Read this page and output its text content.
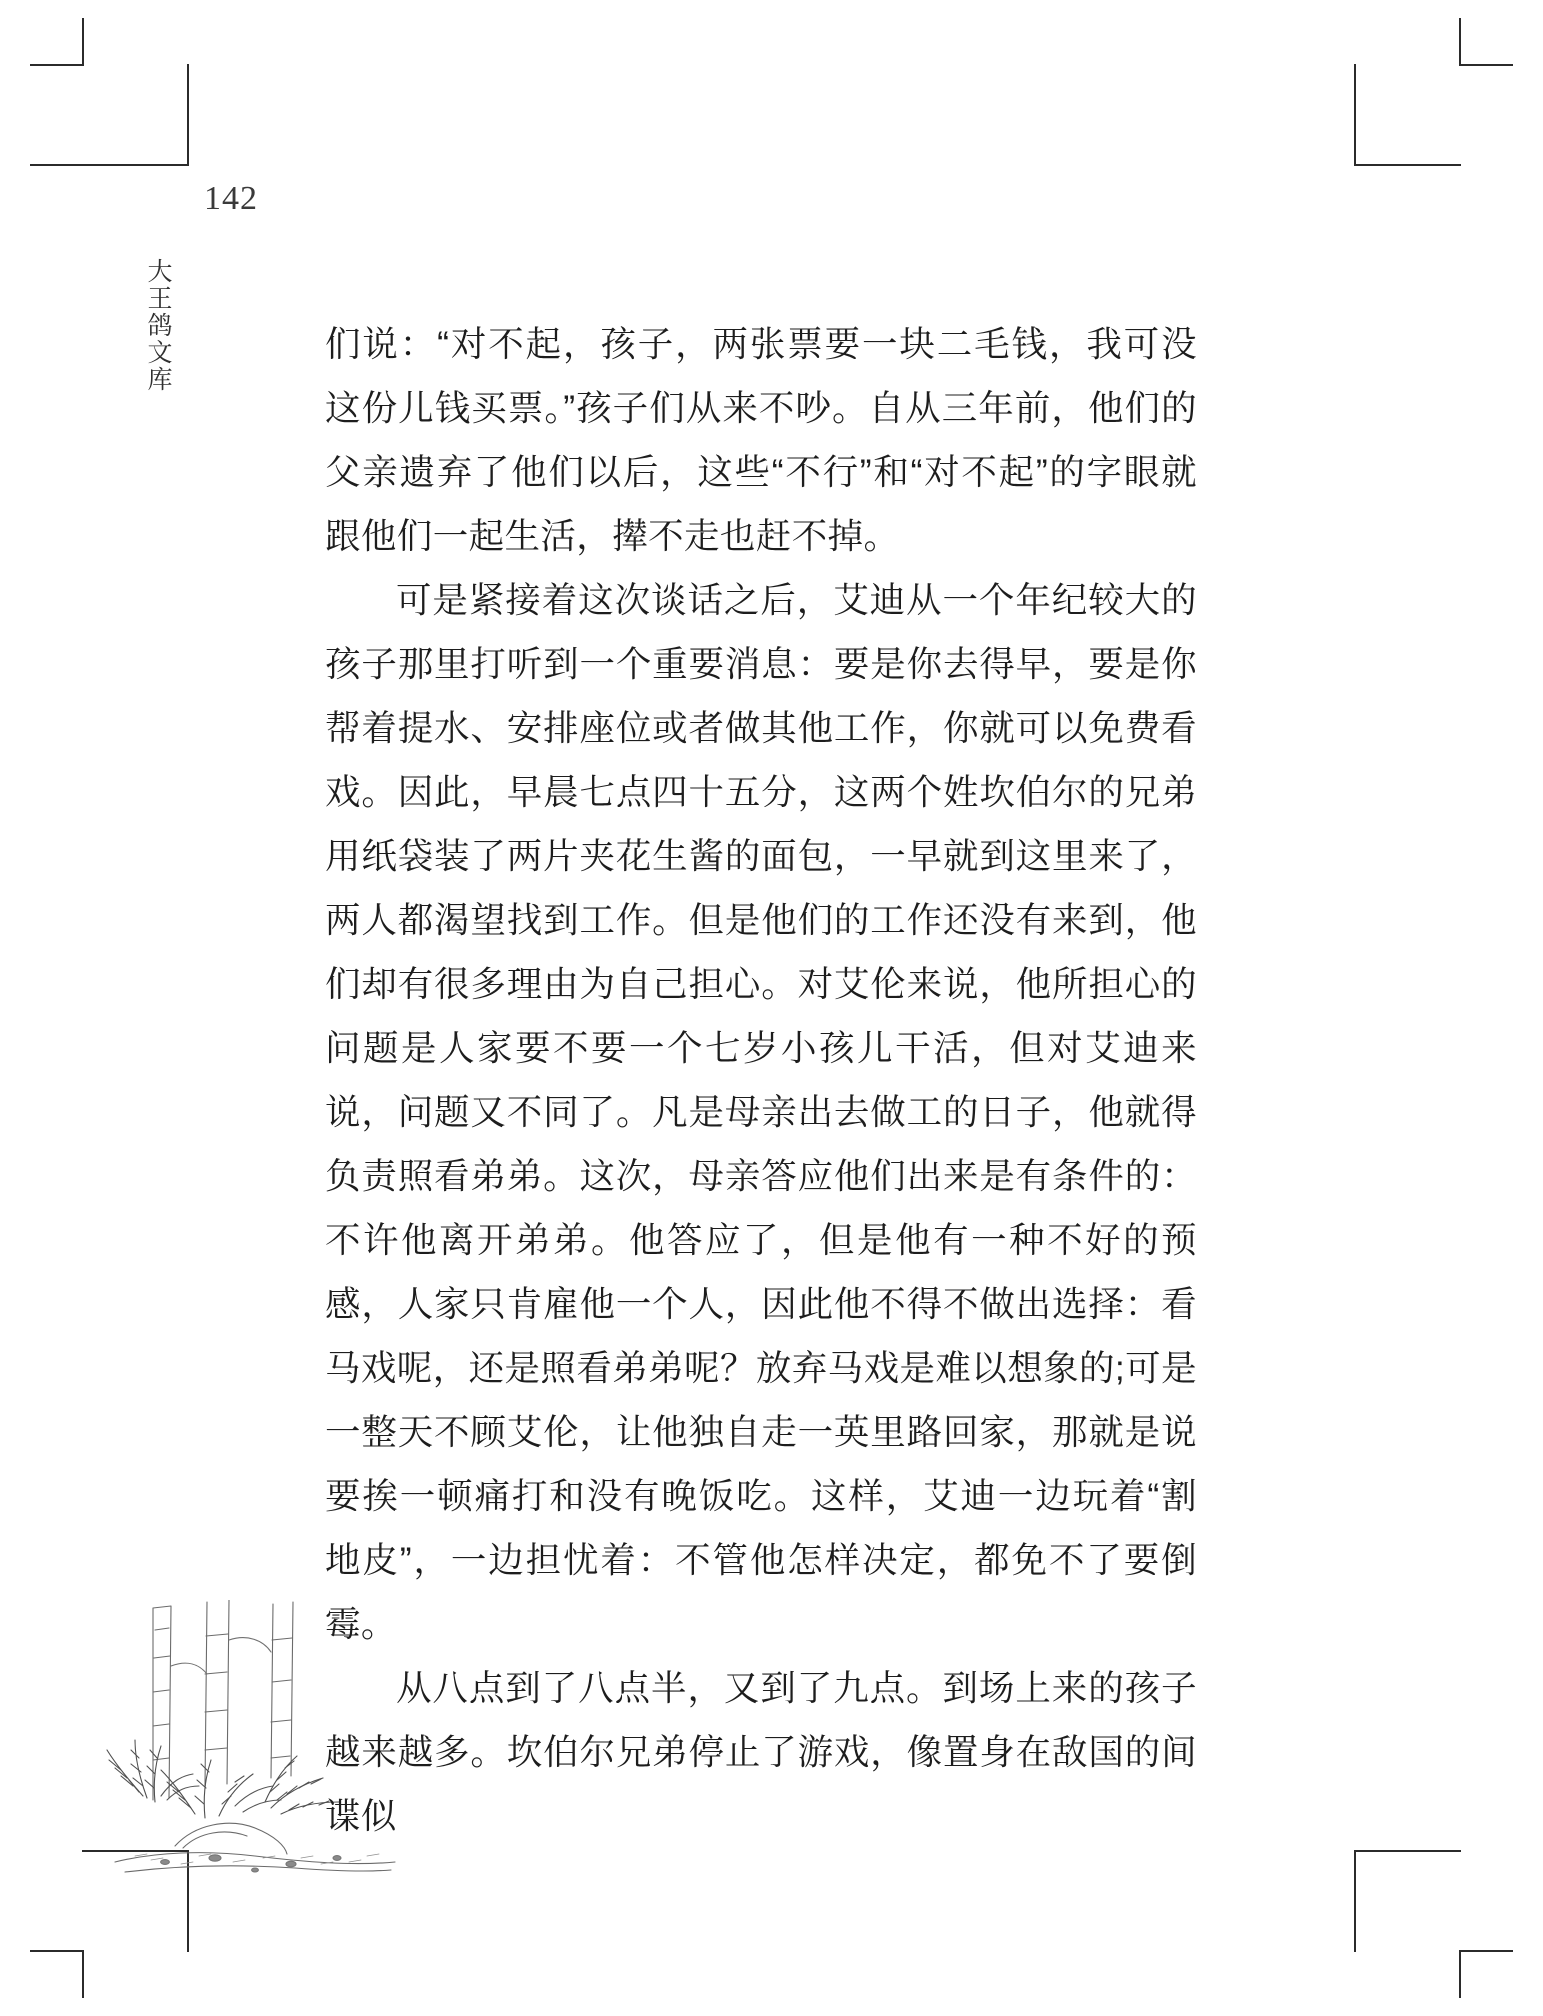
142
大王鸽文库	们说：“对不起，孩子，两张票要一块二毛钱，我可没这份儿钱买票。”孩子们从来不吵。自从三年前，他们的父亲遗弃了他们以后，这些“不行”和“对不起”的字眼就跟他们一起生活，撵不走也赶不掉。

可是紧接着这次谈话之后，艾迪从一个年纪较大的孩子那里打听到一个重要消息：要是你去得早，要是你帮着提水、安排座位或者做其他工作，你就可以免费看戏。因此，早晨七点四十五分，这两个姓坎伯尔的兄弟用纸袋装了两片夹花生酱的面包，一早就到这里来了，两人都渴望找到工作。但是他们的工作还没有来到，他们却有很多理由为自己担心。对艾伦来说，他所担心的问题是人家要不要一个七岁小孩儿干活，但对艾迪来说，问题又不同了。凡是母亲出去做工的日子，他就得负责照看弟弟。这次，母亲答应他们出来是有条件的：不许他离开弟弟。他答应了，但是他有一种不好的预感，人家只肯雇他一个人，因此他不得不做出选择：看马戏呢，还是照看弟弟呢？放弃马戏是难以想象的;可是一整天不顾艾伦，让他独自走一英里路回家，那就是说要挨一顿痛打和没有晚饭吃。这样，艾迪一边玩着“割地皮”，一边担忧着：不管他怎样决定，都免不了要倒霉。

从八点到了八点半，又到了九点。到场上来的孩子越来越多。坎伯尔兄弟停止了游戏，像置身在敌国的间谍似
